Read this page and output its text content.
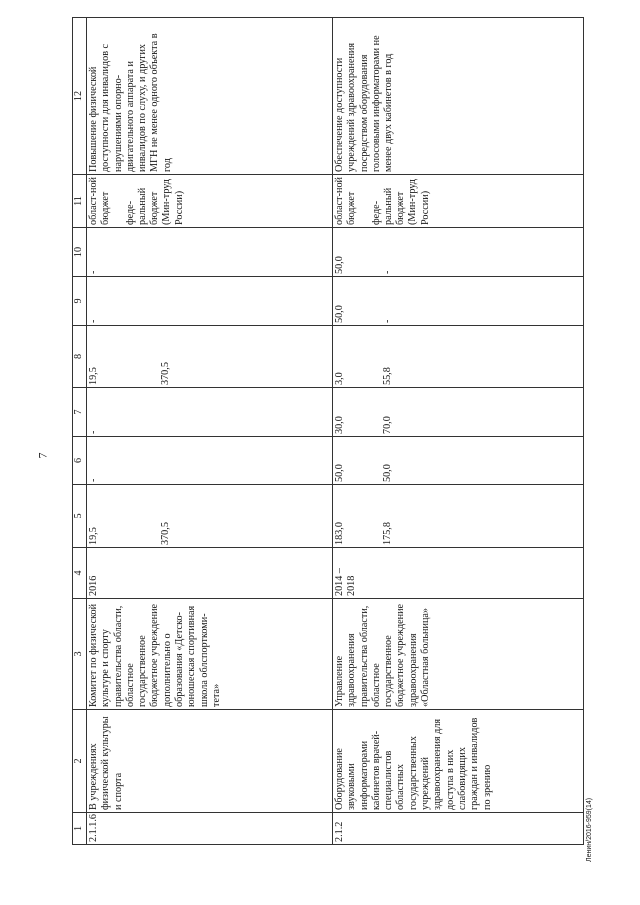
7
Ленин/2016-959(14)
1	2	3	4	5	6	7	8	9	10	11	12
2.1.1.6	В учреждениях физической культуры и спорта	Комитет по физической культуре и спорту правительства области, областное государственное бюджетное учреждение дополнительно о образования «Детско-юношеская спортивная школа облспорткоми-тета»	2016	19,5 370,5	-	-	19,5 370,5	-	-	област-ной бюджет феде-ральный бюджет (Мин-труд России)	Повышение физической доступности для инвалидов с нарушениями опорно-двигательного аппарата и инвалидов по слуху, и других МГН не менее одного объекта в год
2.1.2	Оборудование звуковыми информаторами кабинетов врачей-специалистов областных государственных учреждений здравоохранения для доступа в них слабовидящих граждан и инвалидов по зрению	Управление здравоохранения правительства области, областное государственное бюджетное учреждение здравоохранения «Областная больница»	2014 – 2018	183,0 175,8	50,0 50,0	30,0 70,0	3,0 55,8	50,0 -	50,0 -	област-ной бюджет феде-ральный бюджет (Мин-труд России)	Обеспечение доступности учреждений здравоохранения посредством оборудования голосовыми информаторами не менее двух кабинетов в год
